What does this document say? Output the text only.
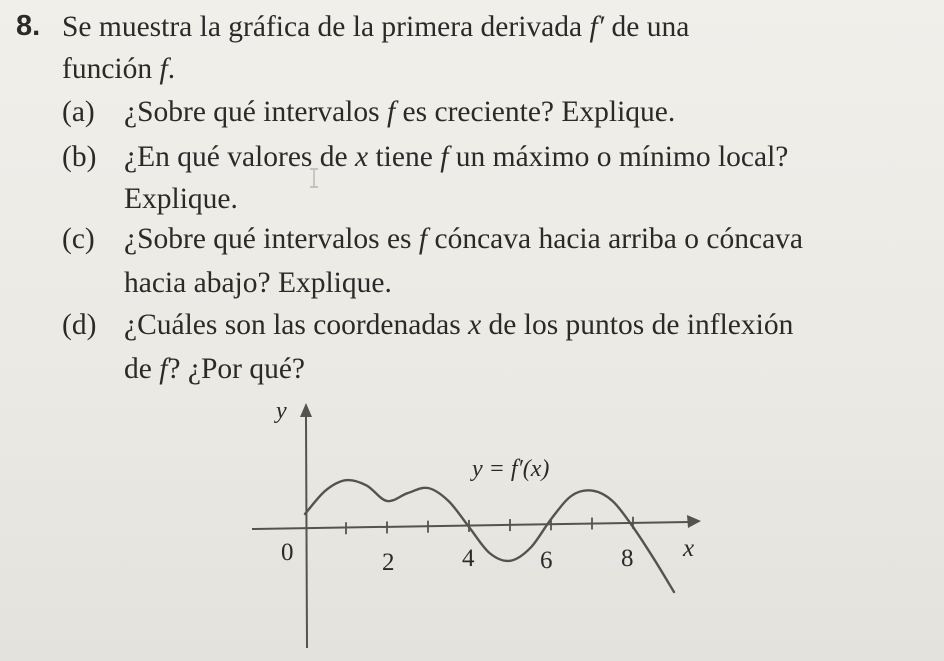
8. Se muestra la gráfica de la primera derivada f′ de una
función f.
(a) ¿Sobre qué intervalos f es creciente? Explique.
(b) ¿En qué valores de x tiene f un máximo o mínimo local?
Explique.
(c) ¿Sobre qué intervalos es f cóncava hacia arriba o cóncava
hacia abajo? Explique.
(d) ¿Cuáles son las coordenadas x de los puntos de inflexión
de f? ¿Por qué?
y
x
0	2	4	6	8
y = f′(x)
